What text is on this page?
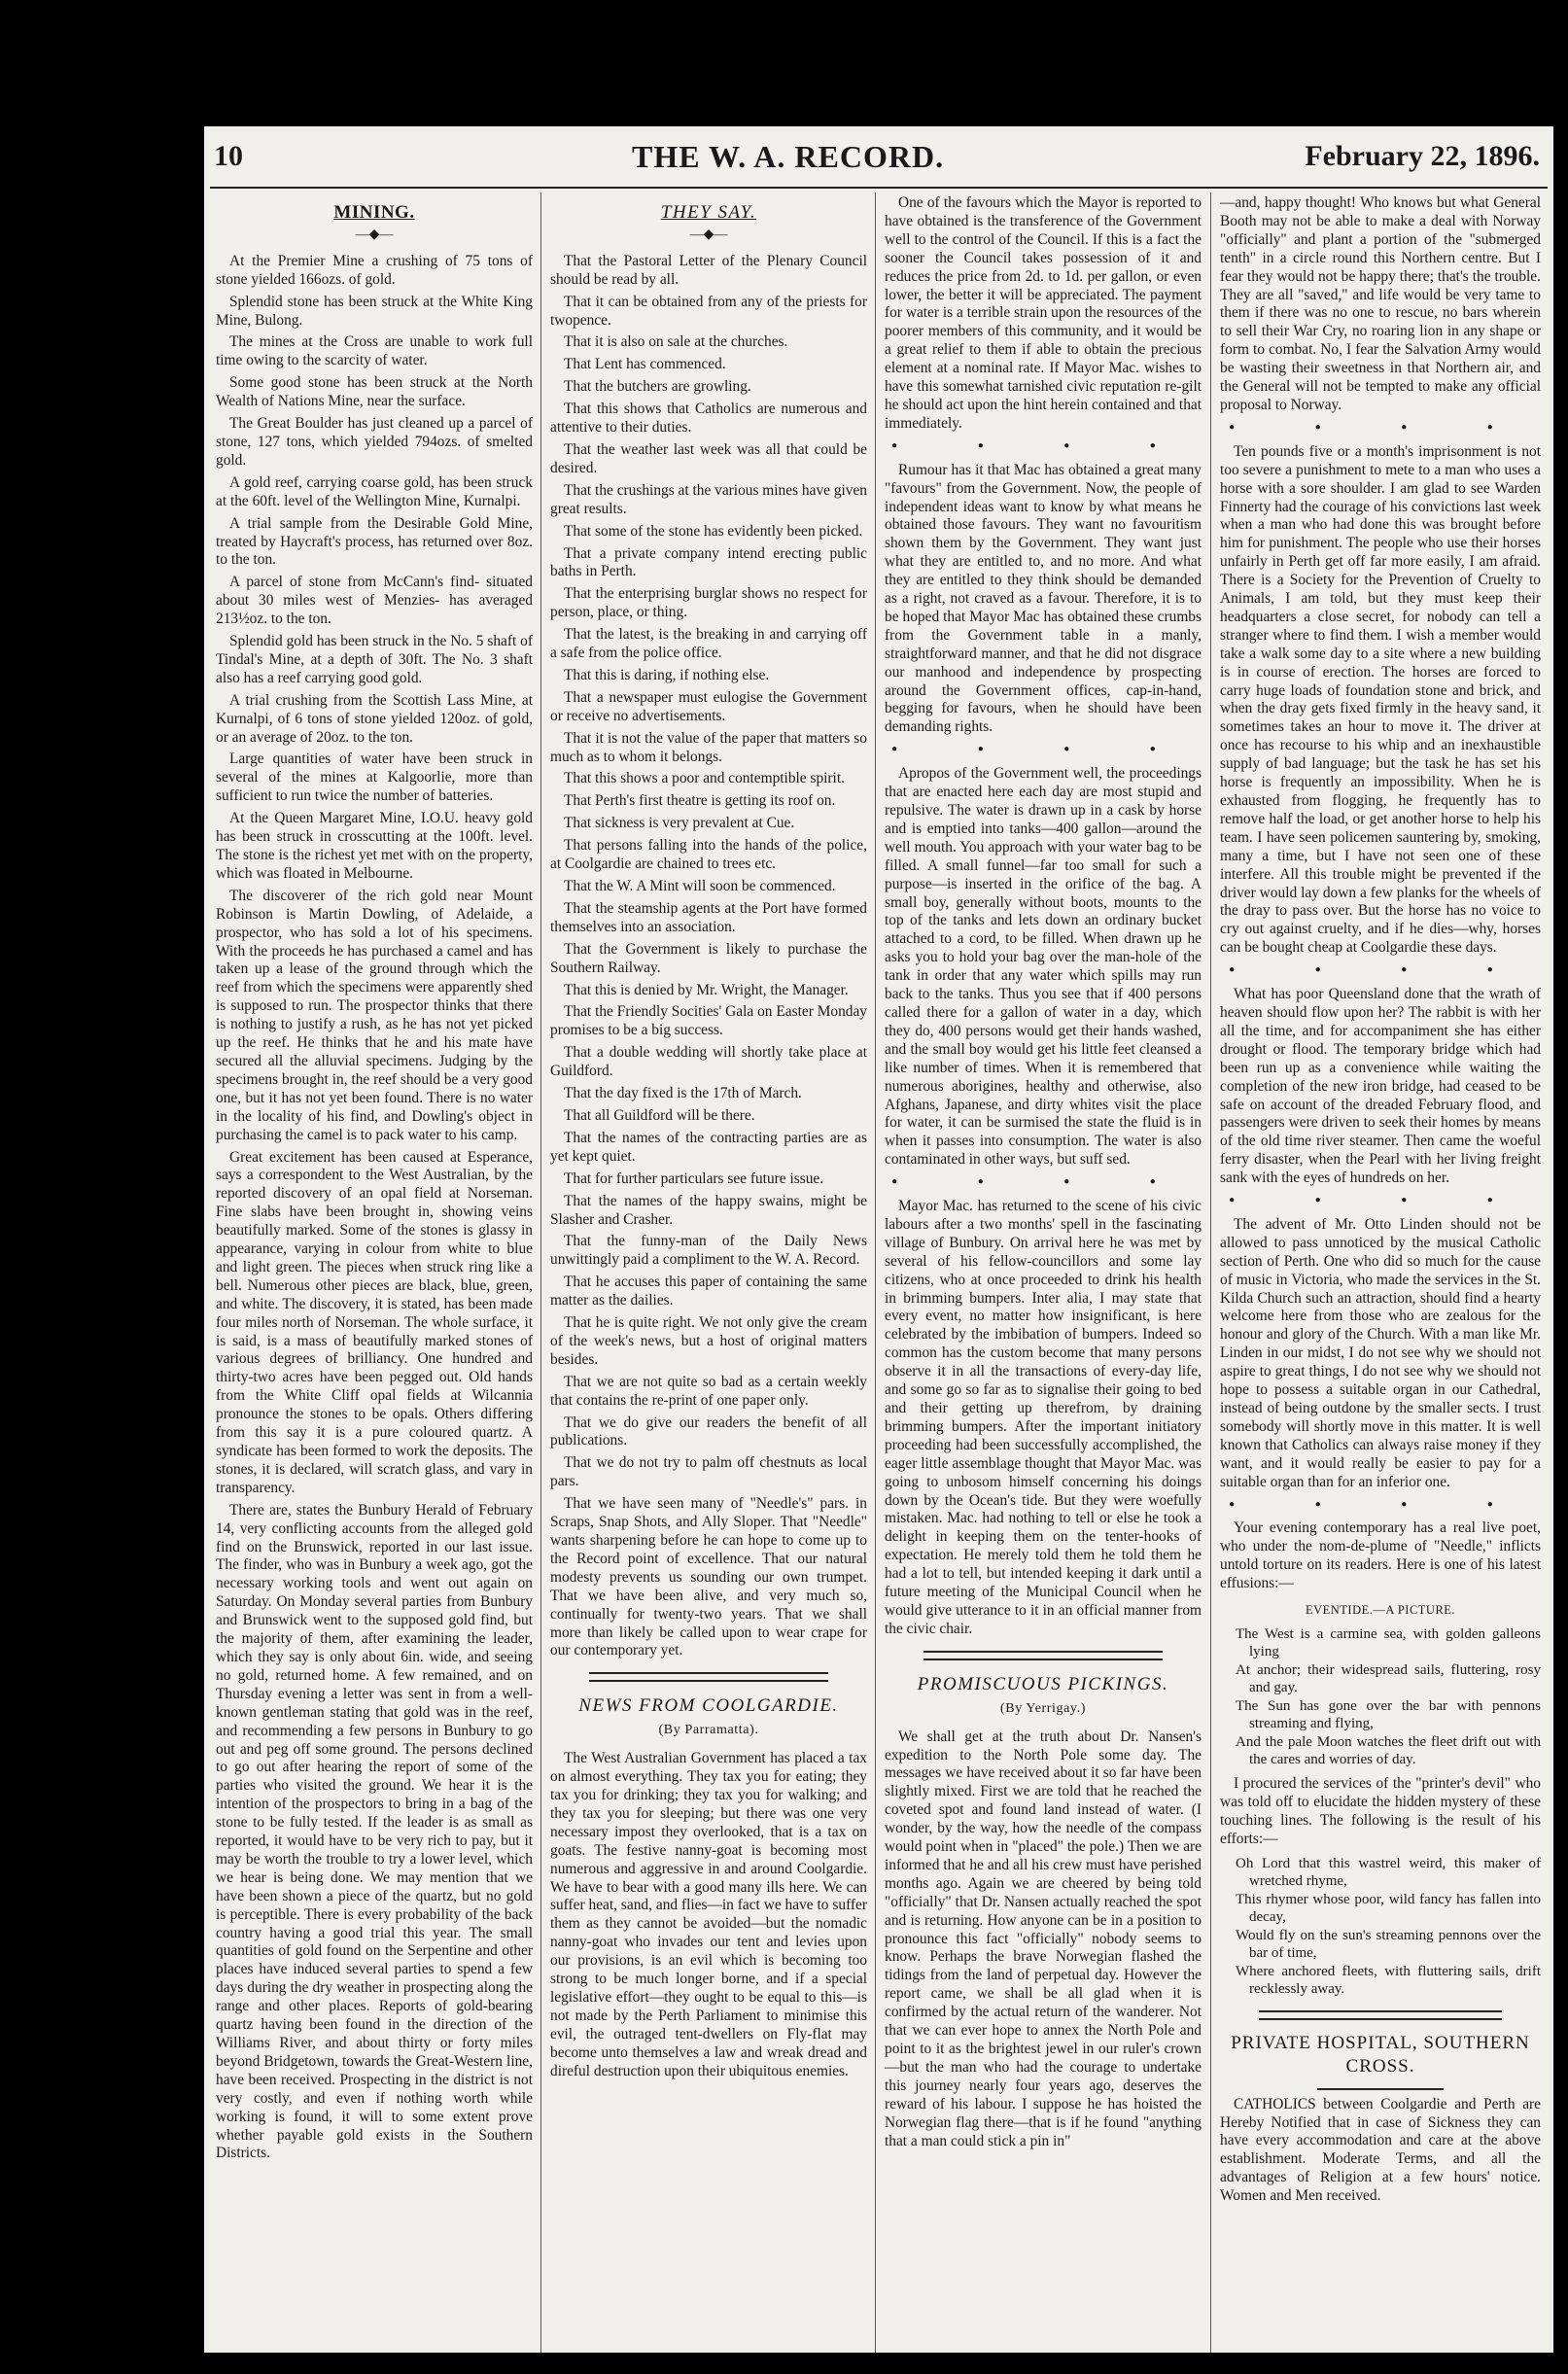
10	THE W. A. RECORD.	February 22, 1896.
MINING.
—◆—

At the Premier Mine a crushing of 75 tons of stone yielded 166ozs. of gold.

Splendid stone has been struck at the White King Mine, Bulong.

The mines at the Cross are unable to work full time owing to the scarcity of water.

Some good stone has been struck at the North Wealth of Nations Mine, near the surface.

The Great Boulder has just cleaned up a parcel of stone, 127 tons, which yielded 794ozs. of smelted gold.

A gold reef, carrying coarse gold, has been struck at the 60ft. level of the Wellington Mine, Kurnalpi.

A trial sample from the Desirable Gold Mine, treated by Haycraft's process, has returned over 8oz. to the ton.

A parcel of stone from McCann's find- situated about 30 miles west of Menzies- has averaged 213½oz. to the ton.

Splendid gold has been struck in the No. 5 shaft of Tindal's Mine, at a depth of 30ft. The No. 3 shaft also has a reef carrying good gold.

A trial crushing from the Scottish Lass Mine, at Kurnalpi, of 6 tons of stone yielded 120oz. of gold, or an average of 20oz. to the ton.

Large quantities of water have been struck in several of the mines at Kalgoorlie, more than sufficient to run twice the number of batteries.

At the Queen Margaret Mine, I.O.U. heavy gold has been struck in crosscutting at the 100ft. level. The stone is the richest yet met with on the property, which was floated in Melbourne.

The discoverer of the rich gold near Mount Robinson is Martin Dowling, of Adelaide, a prospector, who has sold a lot of his specimens. With the proceeds he has purchased a camel and has taken up a lease of the ground through which the reef from which the specimens were apparently shed is supposed to run. The prospector thinks that there is nothing to justify a rush, as he has not yet picked up the reef. He thinks that he and his mate have secured all the alluvial specimens. Judging by the specimens brought in, the reef should be a very good one, but it has not yet been found. There is no water in the locality of his find, and Dowling's object in purchasing the camel is to pack water to his camp.

Great excitement has been caused at Esperance, says a correspondent to the West Australian, by the reported discovery of an opal field at Norseman. Fine slabs have been brought in, showing veins beautifully marked. Some of the stones is glassy in appearance, varying in colour from white to blue and light green. The pieces when struck ring like a bell. Numerous other pieces are black, blue, green, and white. The discovery, it is stated, has been made four miles north of Norseman. The whole surface, it is said, is a mass of beautifully marked stones of various degrees of brilliancy. One hundred and thirty-two acres have been pegged out. Old hands from the White Cliff opal fields at Wilcannia pronounce the stones to be opals. Others differing from this say it is a pure coloured quartz. A syndicate has been formed to work the deposits. The stones, it is declared, will scratch glass, and vary in transparency.

There are, states the Bunbury Herald of February 14, very conflicting accounts from the alleged gold find on the Brunswick, reported in our last issue. The finder, who was in Bunbury a week ago, got the necessary working tools and went out again on Saturday. On Monday several parties from Bunbury and Brunswick went to the supposed gold find, but the majority of them, after examining the leader, which they say is only about 6in. wide, and seeing no gold, returned home. A few remained, and on Thursday evening a letter was sent in from a well-known gentleman stating that gold was in the reef, and recommending a few persons in Bunbury to go out and peg off some ground. The persons declined to go out after hearing the report of some of the parties who visited the ground. We hear it is the intention of the prospectors to bring in a bag of the stone to be fully tested. If the leader is as small as reported, it would have to be very rich to pay, but it may be worth the trouble to try a lower level, which we hear is being done. We may mention that we have been shown a piece of the quartz, but no gold is perceptible. There is every probability of the back country having a good trial this year. The small quantities of gold found on the Serpentine and other places have induced several parties to spend a few days during the dry weather in prospecting along the range and other places. Reports of gold-bearing quartz having been found in the direction of the Williams River, and about thirty or forty miles beyond Bridgetown, towards the Great-Western line, have been received. Prospecting in the district is not very costly, and even if nothing worth while working is found, it will to some extent prove whether payable gold exists in the Southern Districts.

THEY SAY.
—◆—

That the Pastoral Letter of the Plenary Council should be read by all.

That it can be obtained from any of the priests for twopence.

That it is also on sale at the churches.

That Lent has commenced.

That the butchers are growling.

That this shows that Catholics are numerous and attentive to their duties.

That the weather last week was all that could be desired.

That the crushings at the various mines have given great results.

That some of the stone has evidently been picked.

That a private company intend erecting public baths in Perth.

That the enterprising burglar shows no respect for person, place, or thing.

That the latest, is the breaking in and carrying off a safe from the police office.

That this is daring, if nothing else.

That a newspaper must eulogise the Government or receive no advertisements.

That it is not the value of the paper that matters so much as to whom it belongs.

That this shows a poor and contemptible spirit.

That Perth's first theatre is getting its roof on.

That sickness is very prevalent at Cue.

That persons falling into the hands of the police, at Coolgardie are chained to trees etc.

That the W. A Mint will soon be commenced.

That the steamship agents at the Port have formed themselves into an association.

That the Government is likely to purchase the Southern Railway.

That this is denied by Mr. Wright, the Manager.

That the Friendly Socities' Gala on Easter Monday promises to be a big success.

That a double wedding will shortly take place at Guildford.

That the day fixed is the 17th of March.

That all Guildford will be there.

That the names of the contracting parties are as yet kept quiet.

That for further particulars see future issue.

That the names of the happy swains, might be Slasher and Crasher.

That the funny-man of the Daily News unwittingly paid a compliment to the W. A. Record.

That he accuses this paper of containing the same matter as the dailies.

That he is quite right. We not only give the cream of the week's news, but a host of original matters besides.

That we are not quite so bad as a certain weekly that contains the re-print of one paper only.

That we do give our readers the benefit of all publications.

That we do not try to palm off chestnuts as local pars.

That we have seen many of "Needle's" pars. in Scraps, Snap Shots, and Ally Sloper. That "Needle" wants sharpening before he can hope to come up to the Record point of excellence. That our natural modesty prevents us sounding our own trumpet. That we have been alive, and very much so, continually for twenty-two years. That we shall more than likely be called upon to wear crape for our contemporary yet.

NEWS FROM COOLGARDIE.
(By Parramatta).

The West Australian Government has placed a tax on almost everything. They tax you for eating; they tax you for drinking; they tax you for walking; and they tax you for sleeping; but there was one very necessary impost they overlooked, that is a tax on goats. The festive nanny-goat is becoming most numerous and aggressive in and around Coolgardie. We have to bear with a good many ills here. We can suffer heat, sand, and flies—in fact we have to suffer them as they cannot be avoided—but the nomadic nanny-goat who invades our tent and levies upon our provisions, is an evil which is becoming too strong to be much longer borne, and if a special legislative effort—they ought to be equal to this—is not made by the Perth Parliament to minimise this evil, the outraged tent-dwellers on Fly-flat may become unto themselves a law and wreak dread and direful destruction upon their ubiquitous enemies.

One of the favours which the Mayor is reported to have obtained is the transference of the Government well to the control of the Council. If this is a fact the sooner the Council takes possession of it and reduces the price from 2d. to 1d. per gallon, or even lower, the better it will be appreciated. The payment for water is a terrible strain upon the resources of the poorer members of this community, and it would be a great relief to them if able to obtain the precious element at a nominal rate. If Mayor Mac. wishes to have this somewhat tarnished civic reputation re-gilt he should act upon the hint herein contained and that immediately.

● ● ● ●

Rumour has it that Mac has obtained a great many "favours" from the Government. Now, the people of independent ideas want to know by what means he obtained those favours. They want no favouritism shown them by the Government. They want just what they are entitled to, and no more. And what they are entitled to they think should be demanded as a right, not craved as a favour. Therefore, it is to be hoped that Mayor Mac has obtained these crumbs from the Government table in a manly, straightforward manner, and that he did not disgrace our manhood and independence by prospecting around the Government offices, cap-in-hand, begging for favours, when he should have been demanding rights.

● ● ● ●

Apropos of the Government well, the proceedings that are enacted here each day are most stupid and repulsive. The water is drawn up in a cask by horse and is emptied into tanks—400 gallon—around the well mouth. You approach with your water bag to be filled. A small funnel—far too small for such a purpose—is inserted in the orifice of the bag. A small boy, generally without boots, mounts to the top of the tanks and lets down an ordinary bucket attached to a cord, to be filled. When drawn up he asks you to hold your bag over the man-hole of the tank in order that any water which spills may run back to the tanks. Thus you see that if 400 persons called there for a gallon of water in a day, which they do, 400 persons would get their hands washed, and the small boy would get his little feet cleansed a like number of times. When it is remembered that numerous aborigines, healthy and otherwise, also Afghans, Japanese, and dirty whites visit the place for water, it can be surmised the state the fluid is in when it passes into consumption. The water is also contaminated in other ways, but suff sed.

● ● ● ●

Mayor Mac. has returned to the scene of his civic labours after a two months' spell in the fascinating village of Bunbury. On arrival here he was met by several of his fellow-councillors and some lay citizens, who at once proceeded to drink his health in brimming bumpers. Inter alia, I may state that every event, no matter how insignificant, is here celebrated by the imbibation of bumpers. Indeed so common has the custom become that many persons observe it in all the transactions of every-day life, and some go so far as to signalise their going to bed and their getting up therefrom, by draining brimming bumpers. After the important initiatory proceeding had been successfully accomplished, the eager little assemblage thought that Mayor Mac. was going to unbosom himself concerning his doings down by the Ocean's tide. But they were woefully mistaken. Mac. had nothing to tell or else he took a delight in keeping them on the tenter-hooks of expectation. He merely told them he told them he had a lot to tell, but intended keeping it dark until a future meeting of the Municipal Council when he would give utterance to it in an official manner from the civic chair.

PROMISCUOUS PICKINGS.
(By Yerrigay.)

We shall get at the truth about Dr. Nansen's expedition to the North Pole some day. The messages we have received about it so far have been slightly mixed. First we are told that he reached the coveted spot and found land instead of water. (I wonder, by the way, how the needle of the compass would point when in "placed" the pole.) Then we are informed that he and all his crew must have perished months ago. Again we are cheered by being told "officially" that Dr. Nansen actually reached the spot and is returning. How anyone can be in a position to pronounce this fact "officially" nobody seems to know. Perhaps the brave Norwegian flashed the tidings from the land of perpetual day. However the report came, we shall be all glad when it is confirmed by the actual return of the wanderer. Not that we can ever hope to annex the North Pole and point to it as the brightest jewel in our ruler's crown—but the man who had the courage to undertake this journey nearly four years ago, deserves the reward of his labour. I suppose he has hoisted the Norwegian flag there—that is if he found "anything that a man could stick a pin in"

—and, happy thought! Who knows but what General Booth may not be able to make a deal with Norway "officially" and plant a portion of the "submerged tenth" in a circle round this Northern centre. But I fear they would not be happy there; that's the trouble. They are all "saved," and life would be very tame to them if there was no one to rescue, no bars wherein to sell their War Cry, no roaring lion in any shape or form to combat. No, I fear the Salvation Army would be wasting their sweetness in that Northern air, and the General will not be tempted to make any official proposal to Norway.

● ● ● ●

Ten pounds five or a month's imprisonment is not too severe a punishment to mete to a man who uses a horse with a sore shoulder. I am glad to see Warden Finnerty had the courage of his convictions last week when a man who had done this was brought before him for punishment. The people who use their horses unfairly in Perth get off far more easily, I am afraid. There is a Society for the Prevention of Cruelty to Animals, I am told, but they must keep their headquarters a close secret, for nobody can tell a stranger where to find them. I wish a member would take a walk some day to a site where a new building is in course of erection. The horses are forced to carry huge loads of foundation stone and brick, and when the dray gets fixed firmly in the heavy sand, it sometimes takes an hour to move it. The driver at once has recourse to his whip and an inexhaustible supply of bad language; but the task he has set his horse is frequently an impossibility. When he is exhausted from flogging, he frequently has to remove half the load, or get another horse to help his team. I have seen policemen sauntering by, smoking, many a time, but I have not seen one of these interfere. All this trouble might be prevented if the driver would lay down a few planks for the wheels of the dray to pass over. But the horse has no voice to cry out against cruelty, and if he dies—why, horses can be bought cheap at Coolgardie these days.

● ● ● ●

What has poor Queensland done that the wrath of heaven should flow upon her? The rabbit is with her all the time, and for accompaniment she has either drought or flood. The temporary bridge which had been run up as a convenience while waiting the completion of the new iron bridge, had ceased to be safe on account of the dreaded February flood, and passengers were driven to seek their homes by means of the old time river steamer. Then came the woeful ferry disaster, when the Pearl with her living freight sank with the eyes of hundreds on her.

● ● ● ●

The advent of Mr. Otto Linden should not be allowed to pass unnoticed by the musical Catholic section of Perth. One who did so much for the cause of music in Victoria, who made the services in the St. Kilda Church such an attraction, should find a hearty welcome here from those who are zealous for the honour and glory of the Church. With a man like Mr. Linden in our midst, I do not see why we should not aspire to great things, I do not see why we should not hope to possess a suitable organ in our Cathedral, instead of being outdone by the smaller sects. I trust somebody will shortly move in this matter. It is well known that Catholics can always raise money if they want, and it would really be easier to pay for a suitable organ than for an inferior one.

● ● ● ●

Your evening contemporary has a real live poet, who under the nom-de-plume of "Needle," inflicts untold torture on its readers. Here is one of his latest effusions:—

EVENTIDE.—A PICTURE.
The West is a carmine sea, with golden galleons lying
At anchor; their widespread sails, fluttering, rosy and gay.
The Sun has gone over the bar with pennons streaming and flying,
And the pale Moon watches the fleet drift out with the cares and worries of day.

I procured the services of the "printer's devil" who was told off to elucidate the hidden mystery of these touching lines. The following is the result of his efforts:—

Oh Lord that this wastrel weird, this maker of wretched rhyme,
This rhymer whose poor, wild fancy has fallen into decay,
Would fly on the sun's streaming pennons over the bar of time,
Where anchored fleets, with fluttering sails, drift recklessly away.
PRIVATE HOSPITAL, SOUTHERN CROSS.

CATHOLICS between Coolgardie and Perth are Hereby Notified that in case of Sickness they can have every accommodation and care at the above establishment. Moderate Terms, and all the advantages of Religion at a few hours' notice. Women and Men received.
